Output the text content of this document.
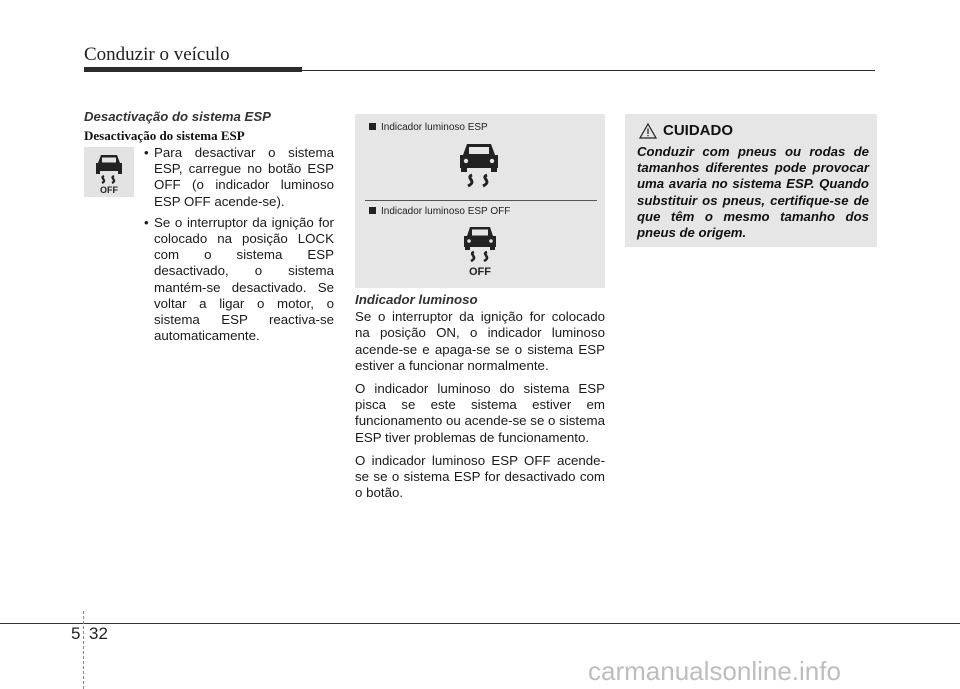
Conduzir o veículo
Desactivação do sistema ESP
Desactivação do sistema ESP
OFF
• Para desactivar o sistema ESP, carregue no botão ESP OFF (o indicador luminoso ESP OFF acende-se).
• Se o interruptor da ignição for colocado na posição LOCK com o sistema ESP desactivado, o sistema mantém-se desactivado. Se voltar a ligar o motor, o sistema ESP reactiva-se automaticamente.
Indicador luminoso ESP
Indicador luminoso ESP OFF
OFF
Indicador luminoso

Se o interruptor da ignição for colocado na posição ON, o indicador luminoso acende-se e apaga-se se o sistema ESP estiver a funcionar normalmente.

O indicador luminoso do sistema ESP pisca se este sistema estiver em funcionamento ou acende-se se o sistema ESP tiver problemas de funcionamento.

O indicador luminoso ESP OFF acende-se se o sistema ESP for desactivado com o botão.

CUIDADO
Conduzir com pneus ou rodas de tamanhos diferentes pode provocar uma avaria no sistema ESP. Quando substituir os pneus, certifique-se de que têm o mesmo tamanho dos pneus de origem.
5 32
carmanualsonline.info
